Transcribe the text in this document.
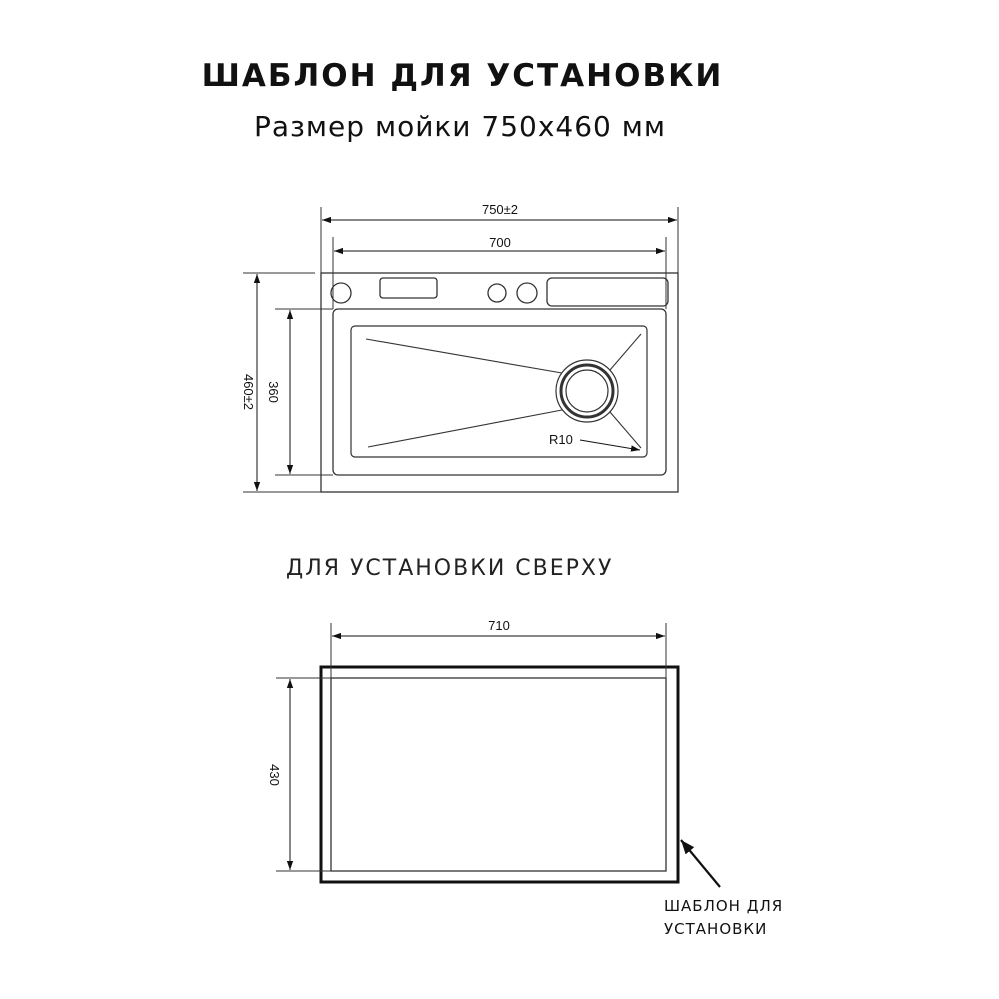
ШАБЛОН ДЛЯ УСТАНОВКИ
Размер мойки 750x460 мм
R10
750±2
700
460±2 360
710
430
ДЛЯ УСТАНОВКИ СВЕРХУ
ШАБЛОН ДЛЯ
УСТАНОВКИ
